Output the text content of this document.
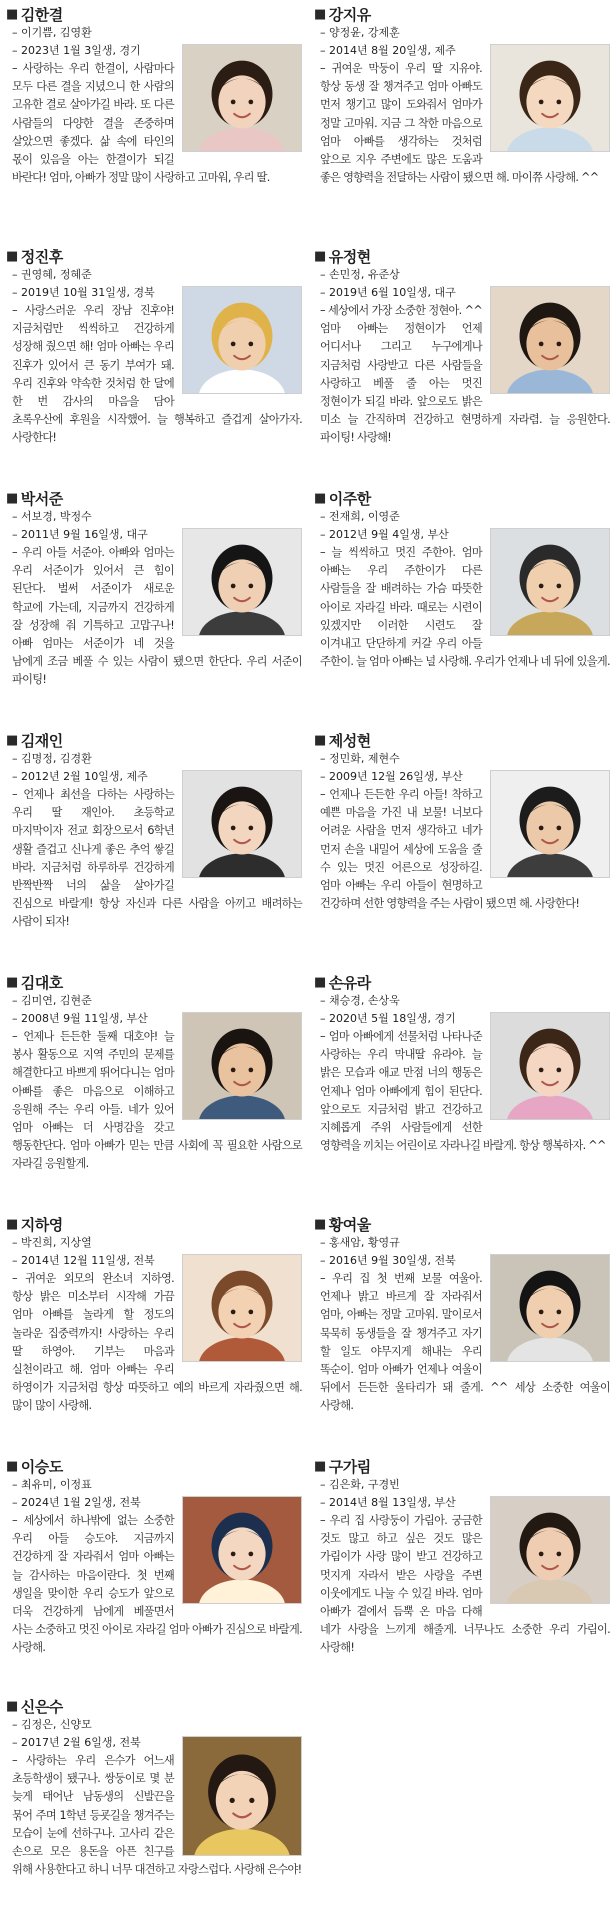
■ 김한결
– 이기쁨, 김영환
– 2023년 1월 3일생, 경기

– 사랑하는 우리 한결이, 사람마다 모두 다른 결을 지녔으니 한 사람의 고유한 결로 살아가길 바라. 또 다른 사람들의 다양한 결을 존중하며 살았으면 좋겠다. 삶 속에 타인의 몫이 있음을 아는 한결이가 되길 바란다! 엄마, 아빠가 정말 많이 사랑하고 고마워, 우리 딸.

■ 강지유
– 양정윤, 강제훈
– 2014년 8월 20일생, 제주

– 귀여운 막둥이 우리 딸 지유야. 항상 동생 잘 챙겨주고 엄마 아빠도 먼저 챙기고 많이 도와줘서 엄마가 정말 고마워. 지금 그 착한 마음으로 엄마 아빠를 생각하는 것처럼 앞으로 지우 주변에도 많은 도움과 좋은 영향력을 전달하는 사람이 됐으면 해. 마이쮸 사랑해. ^^

■ 정진후
– 권영혜, 정혜준
– 2019년 10월 31일생, 경북

– 사랑스러운 우리 장남 진후야! 지금처럼만 씩씩하고 건강하게 성장해 줬으면 해! 엄마 아빠는 우리 진후가 있어서 큰 동기 부여가 돼. 우리 진후와 약속한 것처럼 한 달에 한 번 감사의 마음을 담아 초록우산에 후원을 시작했어. 늘 행복하고 즐겁게 살아가자. 사랑한다!

■ 유정현
– 손민정, 유준상
– 2019년 6월 10일생, 대구

– 세상에서 가장 소중한 정현아. ^^ 엄마 아빠는 정현이가 언제 어디서나 그리고 누구에게나 지금처럼 사랑받고 다른 사람들을 사랑하고 베풀 줄 아는 멋진 정현이가 되길 바라. 앞으로도 밝은 미소 늘 간직하며 건강하고 현명하게 자라렴. 늘 응원한다. 파이팅! 사랑해!

■ 박서준
– 서보경, 박정수
– 2011년 9월 16일생, 대구

– 우리 아들 서준아. 아빠와 엄마는 우리 서준이가 있어서 큰 힘이 된단다. 벌써 서준이가 새로운 학교에 가는데, 지금까지 건강하게 잘 성장해 줘 기특하고 고맙구나! 아빠 엄마는 서준이가 네 것을 남에게 조금 베풀 수 있는 사람이 됐으면 한단다. 우리 서준이 파이팅!

■ 이주한
– 전재희, 이영준
– 2012년 9월 4일생, 부산

– 늘 씩씩하고 멋진 주한아. 엄마 아빠는 우리 주한이가 다른 사람들을 잘 배려하는 가슴 따뜻한 아이로 자라길 바라. 때로는 시련이 있겠지만 이러한 시련도 잘 이겨내고 단단하게 커갈 우리 아들 주한이. 늘 엄마 아빠는 널 사랑해. 우리가 언제나 네 뒤에 있을게.

■ 김재인
– 김명정, 김경환
– 2012년 2월 10일생, 제주

– 언제나 최선을 다하는 사랑하는 우리 딸 재인아. 초등학교 마지막이자 전교 회장으로서 6학년 생활 즐겁고 신나게 좋은 추억 쌓길 바라. 지금처럼 하루하루 건강하게 반짝반짝 너의 삶을 살아가길 진심으로 바랄게! 항상 자신과 다른 사람을 아끼고 배려하는 사람이 되자!

■ 제성현
– 정민화, 제현수
– 2009년 12월 26일생, 부산

– 언제나 든든한 우리 아들! 착하고 예쁜 마음을 가진 내 보물! 너보다 어려운 사람을 먼저 생각하고 네가 먼저 손을 내밀어 세상에 도움을 줄 수 있는 멋진 어른으로 성장하길. 엄마 아빠는 우리 아들이 현명하고 건강하며 선한 영향력을 주는 사람이 됐으면 해. 사랑한다!

■ 김대호
– 김미연, 김현준
– 2008년 9월 11일생, 부산

– 언제나 든든한 둘째 대호야! 늘 봉사 활동으로 지역 주민의 문제를 해결한다고 바쁘게 뛰어다니는 엄마 아빠를 좋은 마음으로 이해하고 응원해 주는 우리 아들. 네가 있어 엄마 아빠는 더 사명감을 갖고 행동한단다. 엄마 아빠가 믿는 만큼 사회에 꼭 필요한 사람으로 자라길 응원할게.

■ 손유라
– 채승경, 손상욱
– 2020년 5월 18일생, 경기

– 엄마 아빠에게 선물처럼 나타나준 사랑하는 우리 막내딸 유라야. 늘 밝은 모습과 애교 만점 너의 행동은 언제나 엄마 아빠에게 힘이 된단다. 앞으로도 지금처럼 밝고 건강하고 지혜롭게 주위 사람들에게 선한 영향력을 끼치는 어린이로 자라나길 바랄게. 항상 행복하자. ^^

■ 지하영
– 박진희, 지상열
– 2014년 12월 11일생, 전북

– 귀여운 외모의 완소녀 지하영. 항상 밝은 미소부터 시작해 가끔 엄마 아빠를 놀라게 할 정도의 놀라운 집중력까지! 사랑하는 우리 딸 하영아. 기부는 마음과 실천이라고 해. 엄마 아빠는 우리 하영이가 지금처럼 항상 따뜻하고 예의 바르게 자라줬으면 해. 많이 많이 사랑해.

■ 황여울
– 홍새암, 황영규
– 2016년 9월 30일생, 전북

– 우리 집 첫 번째 보물 여울아. 언제나 밝고 바르게 잘 자라줘서 엄마, 아빠는 정말 고마워. 말이로서 묵묵히 동생들을 잘 챙겨주고 자기 할 일도 야무지게 해내는 우리 똑순이. 엄마 아빠가 언제나 여울이 뒤에서 든든한 울타리가 돼 줄게. ^^ 세상 소중한 여울이 사랑해.

■ 이승도
– 최유미, 이정표
– 2024년 1월 2일생, 전북

– 세상에서 하나밖에 없는 소중한 우리 아들 승도야. 지금까지 건강하게 잘 자라줘서 엄마 아빠는 늘 감사하는 마음이란다. 첫 번째 생일을 맞이한 우리 승도가 앞으로 더욱 건강하게 남에게 베풀면서 사는 소중하고 멋진 아이로 자라길 엄마 아빠가 진심으로 바랄게. 사랑해.

■ 구가림
– 김은화, 구경빈
– 2014년 8월 13일생, 부산

– 우리 집 사랑둥이 가림아. 궁금한 것도 많고 하고 싶은 것도 많은 가림이가 사랑 많이 받고 건강하고 멋지게 자라서 받은 사랑을 주변 이웃에게도 나눌 수 있길 바라. 엄마 아빠가 곁에서 듬뿍 온 마음 다해 네가 사랑을 느끼게 해줄게. 너무나도 소중한 우리 가림이. 사랑해!

■ 신은수
– 김정은, 신양모
– 2017년 2월 6일생, 전북

– 사랑하는 우리 은수가 어느새 초등학생이 됐구나. 쌍둥이로 몇 분 늦게 태어난 남동생의 신발끈을 묶어 주며 1학년 등굣길을 챙겨주는 모습이 눈에 선하구나. 고사리 같은 손으로 모은 용돈을 아픈 친구를 위해 사용한다고 하니 너무 대견하고 자랑스럽다. 사랑해 은수야!
